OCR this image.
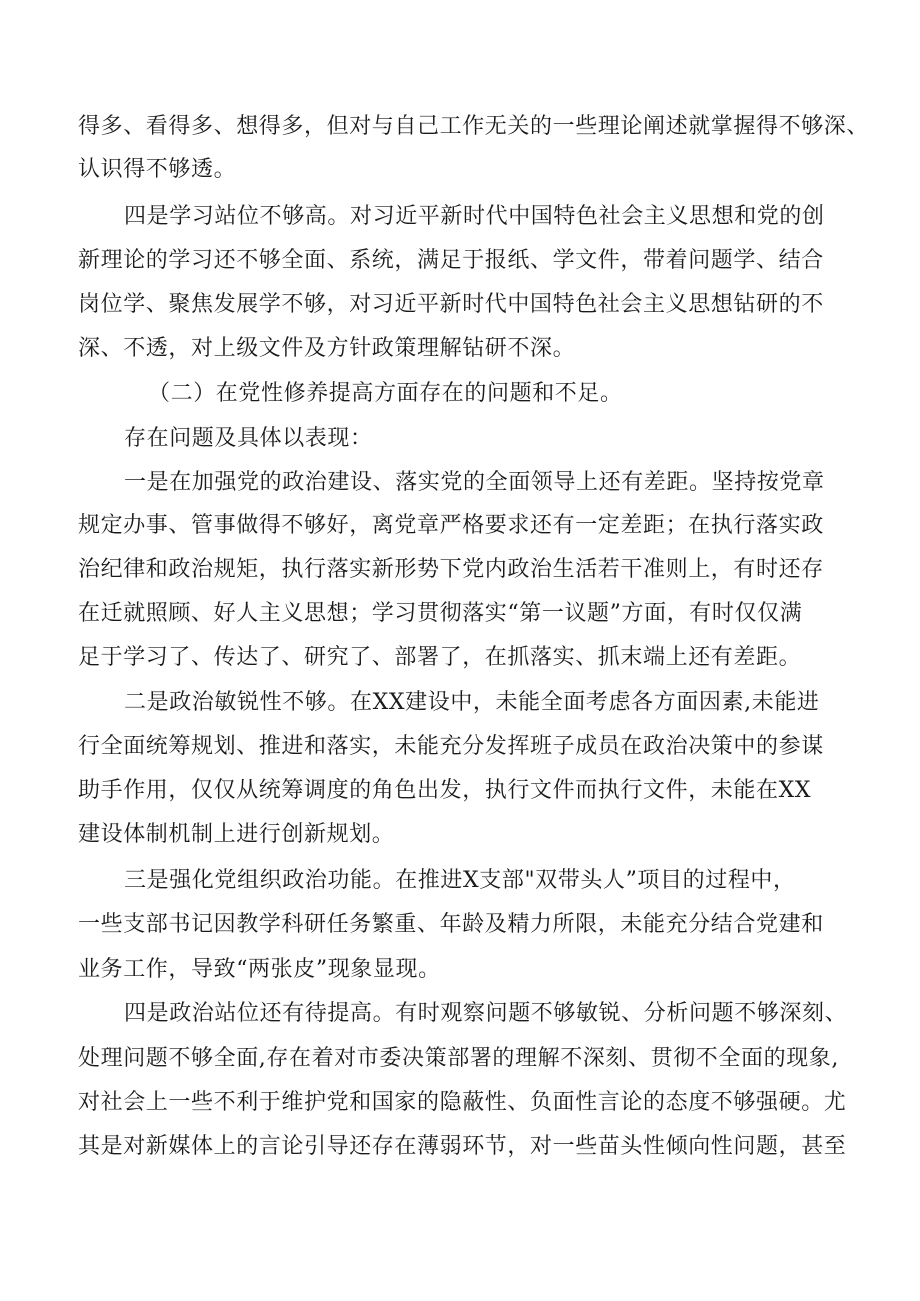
得多、看得多、想得多，但对与自己工作无关的一些理论阐述就掌握得不够深、

认识得不够透。

四是学习站位不够高。对习近平新时代中国特色社会主义思想和党的创

新理论的学习还不够全面、系统，满足于报纸、学文件，带着问题学、结合

岗位学、聚焦发展学不够，对习近平新时代中国特色社会主义思想钻研的不

深、不透，对上级文件及方针政策理解钻研不深。

（二）在党性修养提高方面存在的问题和不足。

存在问题及具体以表现：

一是在加强党的政治建设、落实党的全面领导上还有差距。坚持按党章

规定办事、管事做得不够好，离党章严格要求还有一定差距；在执行落实政

治纪律和政治规矩，执行落实新形势下党内政治生活若干准则上，有时还存

在迁就照顾、好人主义思想；学习贯彻落实“第一议题”方面，有时仅仅满

足于学习了、传达了、研究了、部署了，在抓落实、抓末端上还有差距。

二是政治敏锐性不够。在XX建设中，未能全面考虑各方面因素,未能进

行全面统筹规划、推进和落实，未能充分发挥班子成员在政治决策中的参谋

助手作用，仅仅从统筹调度的角色出发，执行文件而执行文件，未能在XX

建设体制机制上进行创新规划。

三是强化党组织政治功能。在推进X支部"双带头人”项目的过程中，

一些支部书记因教学科研任务繁重、年龄及精力所限，未能充分结合党建和

业务工作，导致“两张皮”现象显现。

四是政治站位还有待提高。有时观察问题不够敏锐、分析问题不够深刻、

处理问题不够全面,存在着对市委决策部署的理解不深刻、贯彻不全面的现象,

对社会上一些不利于维护党和国家的隐蔽性、负面性言论的态度不够强硬。尤

其是对新媒体上的言论引导还存在薄弱环节，对一些苗头性倾向性问题，甚至
